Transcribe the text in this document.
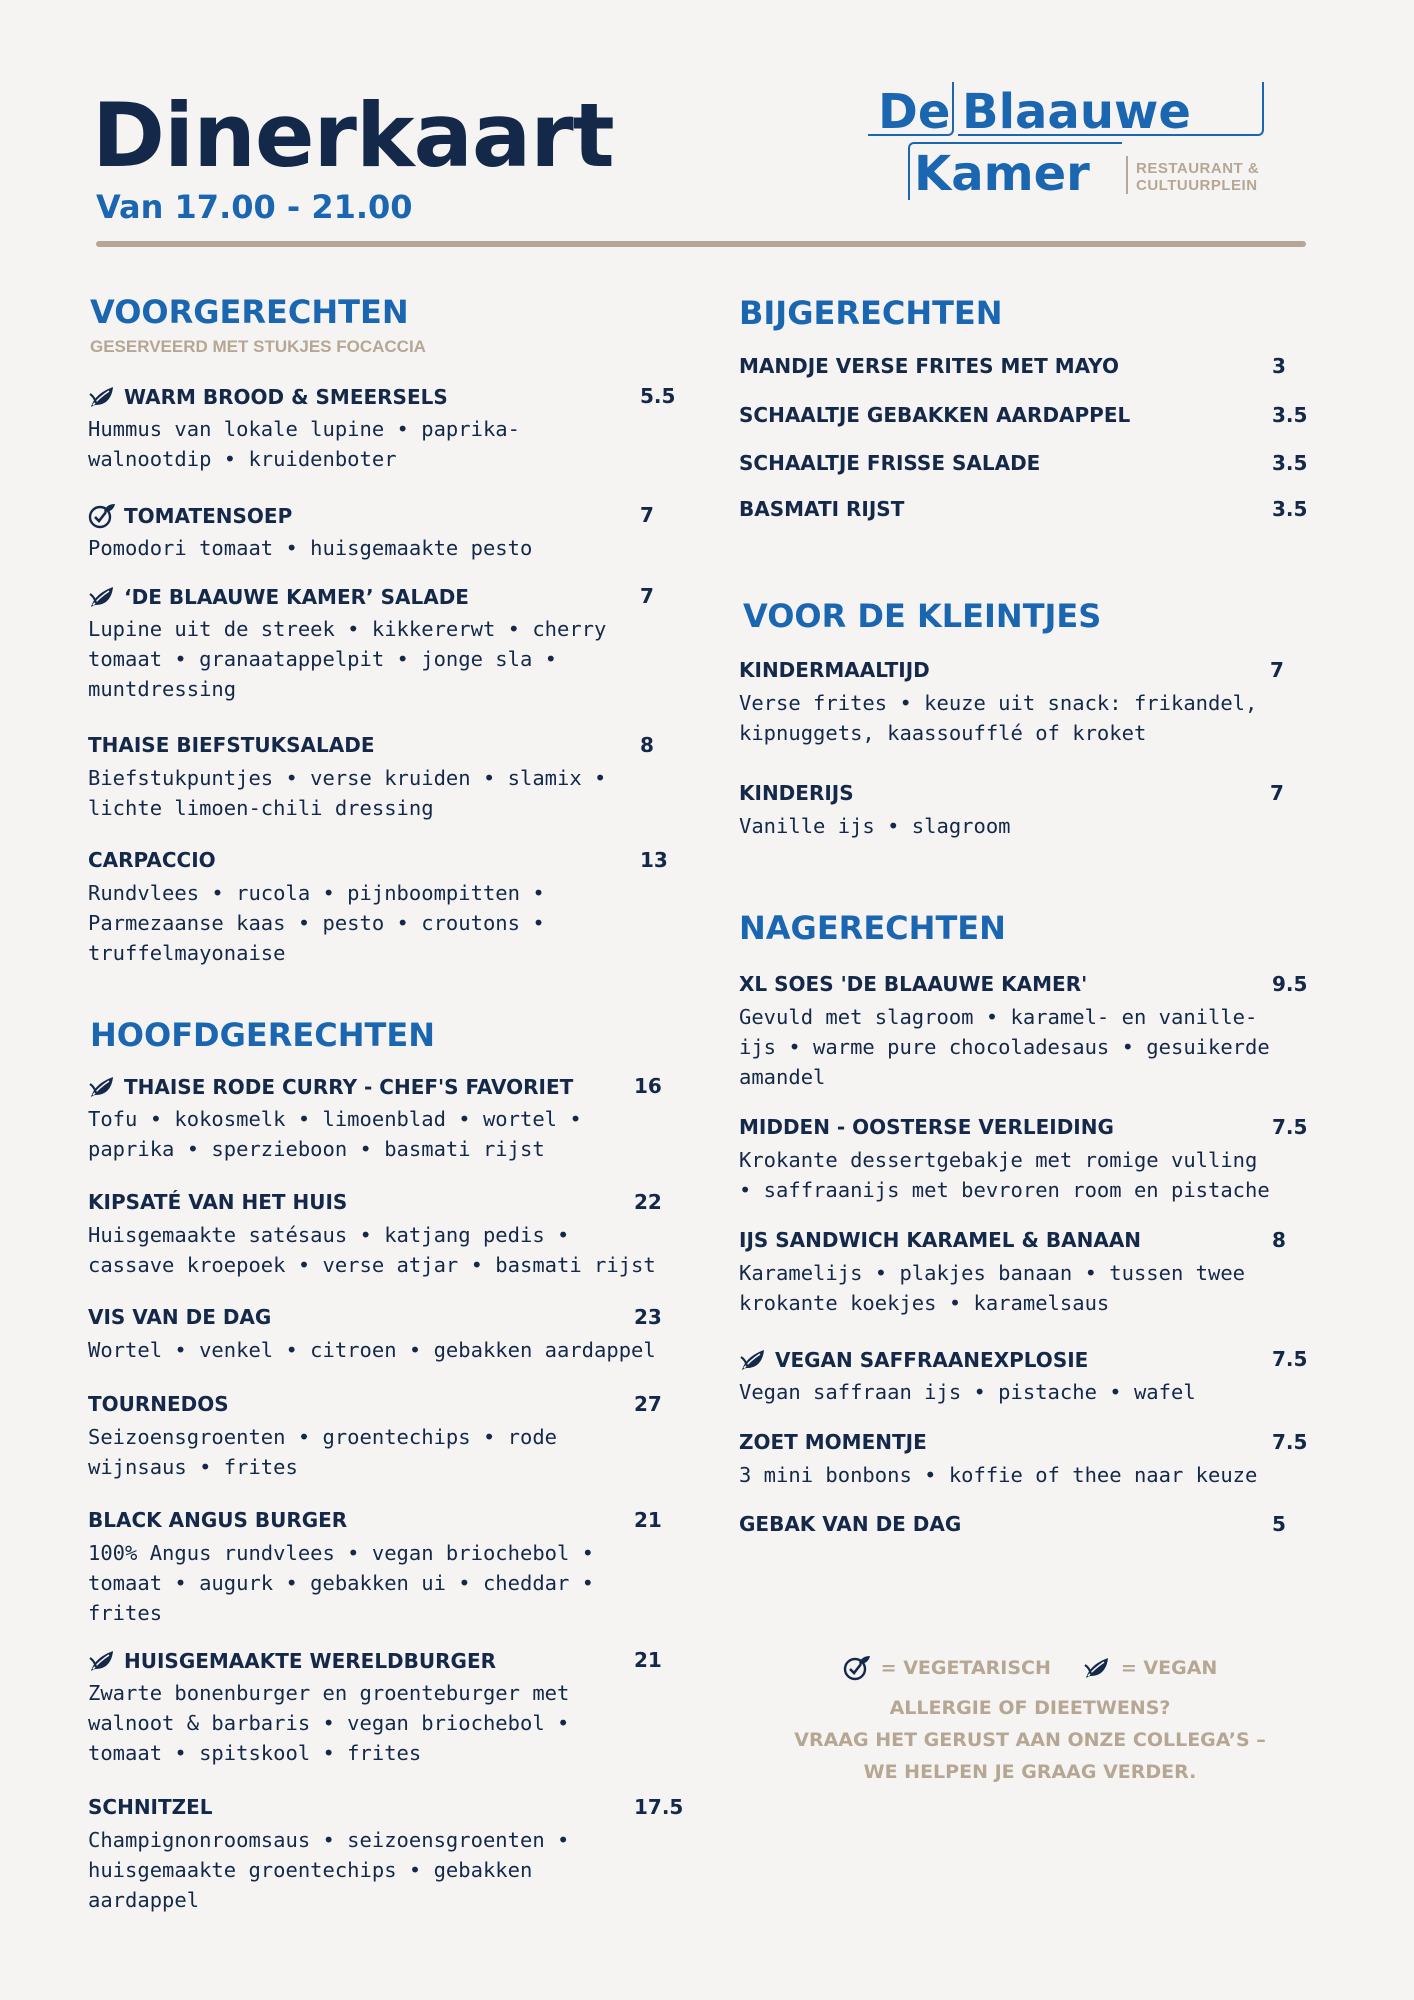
Dinerkaart
Van 17.00 - 21.00
De Blaauwe
Kamer	RESTAURANT &
CULTUURPLEIN
VOORGERECHTEN
GESERVEERD MET STUKJES FOCACCIA
HOOFDGERECHTEN
BIJGERECHTEN
VOOR DE KLEINTJES
NAGERECHTEN
WARM BROOD & SMEERSELS	5.5
Hummus van lokale lupine • paprika-
walnootdip • kruidenboter
TOMATENSOEP	7
Pomodori tomaat • huisgemaakte pesto
‘DE BLAAUWE KAMER’ SALADE	7
Lupine uit de streek • kikkererwt • cherry
tomaat • granaatappelpit • jonge sla •
muntdressing
THAISE BIEFSTUKSALADE	8
Biefstukpuntjes • verse kruiden • slamix •
lichte limoen-chili dressing
CARPACCIO	13
Rundvlees • rucola • pijnboompitten •
Parmezaanse kaas • pesto • croutons •
truffelmayonaise
THAISE RODE CURRY - CHEF'S FAVORIET	16
Tofu • kokosmelk • limoenblad • wortel •
paprika • sperzieboon • basmati rijst
KIPSATÉ VAN HET HUIS	22
Huisgemaakte satésaus • katjang pedis •
cassave kroepoek • verse atjar • basmati rijst
VIS VAN DE DAG	23
Wortel • venkel • citroen • gebakken aardappel
TOURNEDOS	27
Seizoensgroenten • groentechips • rode
wijnsaus • frites
BLACK ANGUS BURGER	21
100% Angus rundvlees • vegan briochebol •
tomaat • augurk • gebakken ui • cheddar •
frites
HUISGEMAAKTE WERELDBURGER	21
Zwarte bonenburger en groenteburger met
walnoot & barbaris • vegan briochebol •
tomaat • spitskool • frites
SCHNITZEL	17.5
Champignonroomsaus • seizoensgroenten •
huisgemaakte groentechips • gebakken
aardappel
MANDJE VERSE FRITES MET MAYO	3
SCHAALTJE GEBAKKEN AARDAPPEL	3.5
SCHAALTJE FRISSE SALADE	3.5
BASMATI RIJST	3.5
KINDERMAALTIJD	7
Verse frites • keuze uit snack: frikandel,
kipnuggets, kaassoufflé of kroket
KINDERIJS	7
Vanille ijs • slagroom
XL SOES 'DE BLAAUWE KAMER'	9.5
Gevuld met slagroom • karamel- en vanille-
ijs • warme pure chocoladesaus • gesuikerde
amandel
MIDDEN - OOSTERSE VERLEIDING	7.5
Krokante dessertgebakje met romige vulling
• saffraanijs met bevroren room en pistache
IJS SANDWICH KARAMEL & BANAAN	8
Karamelijs • plakjes banaan • tussen twee
krokante koekjes • karamelsaus
VEGAN SAFFRAANEXPLOSIE	7.5
Vegan saffraan ijs • pistache • wafel
ZOET MOMENTJE	7.5
3 mini bonbons • koffie of thee naar keuze
GEBAK VAN DE DAG	5
= VEGETARISCH	= VEGAN
ALLERGIE OF DIEETWENS?
VRAAG HET GERUST AAN ONZE COLLEGA’S –
WE HELPEN JE GRAAG VERDER.
